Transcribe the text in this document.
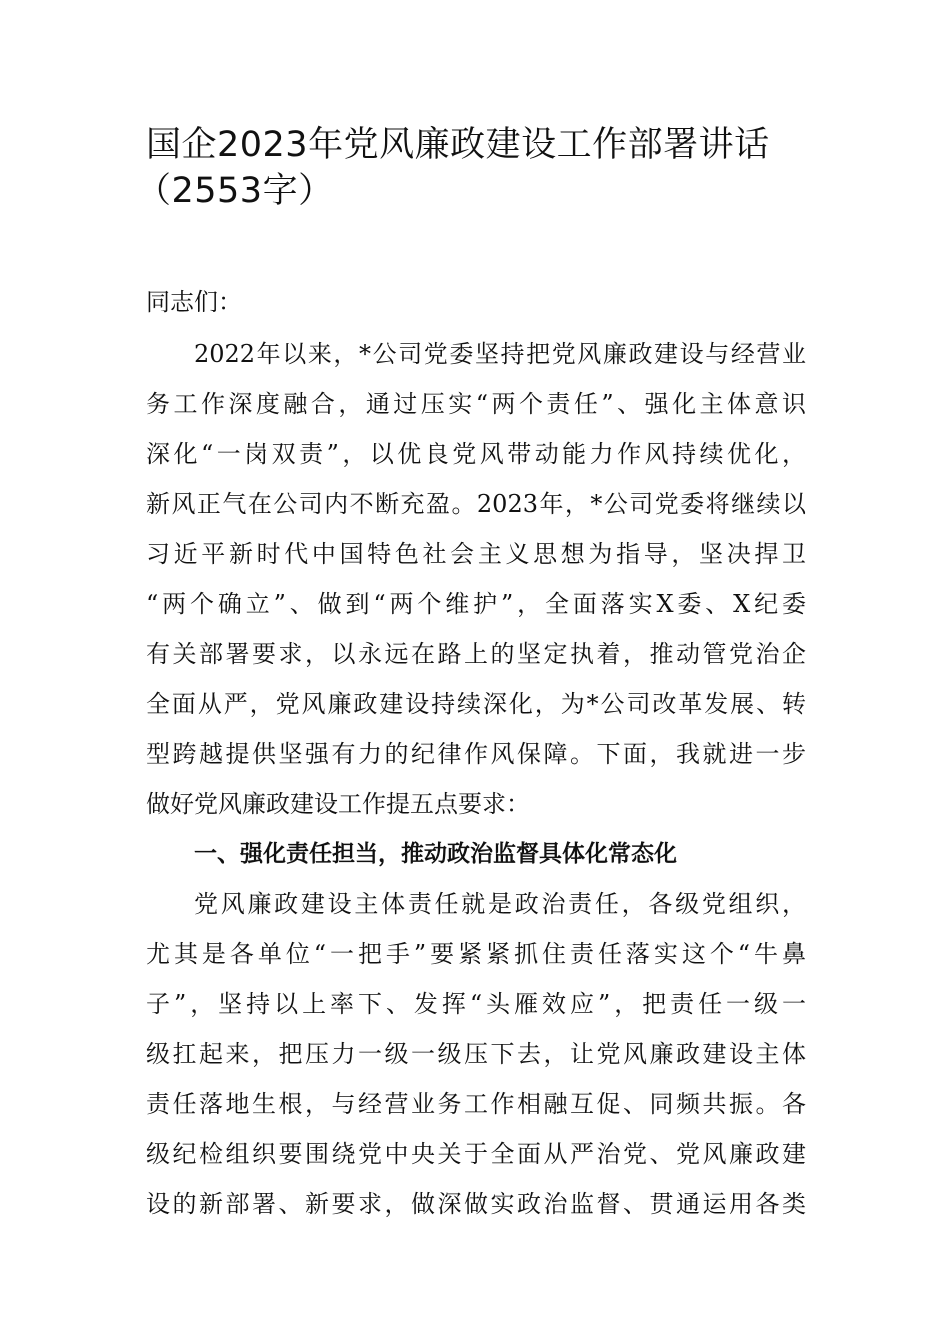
国企2023年党风廉政建设工作部署讲话
（2553字）
同志们：
2022年以来，*公司党委坚持把党风廉政建设与经营业
务工作深度融合，通过压实“两个责任”、强化主体意识
深化“一岗双责”，以优良党风带动能力作风持续优化，
新风正气在公司内不断充盈。2023年，*公司党委将继续以
习近平新时代中国特色社会主义思想为指导，坚决捍卫
“两个确立”、做到“两个维护”，全面落实X委、X纪委
有关部署要求，以永远在路上的坚定执着，推动管党治企
全面从严，党风廉政建设持续深化，为*公司改革发展、转
型跨越提供坚强有力的纪律作风保障。下面，我就进一步
做好党风廉政建设工作提五点要求：
一、强化责任担当，推动政治监督具体化常态化
党风廉政建设主体责任就是政治责任，各级党组织，
尤其是各单位“一把手”要紧紧抓住责任落实这个“牛鼻
子”，坚持以上率下、发挥“头雁效应”，把责任一级一
级扛起来，把压力一级一级压下去，让党风廉政建设主体
责任落地生根，与经营业务工作相融互促、同频共振。各
级纪检组织要围绕党中央关于全面从严治党、党风廉政建
设的新部署、新要求，做深做实政治监督、贯通运用各类
